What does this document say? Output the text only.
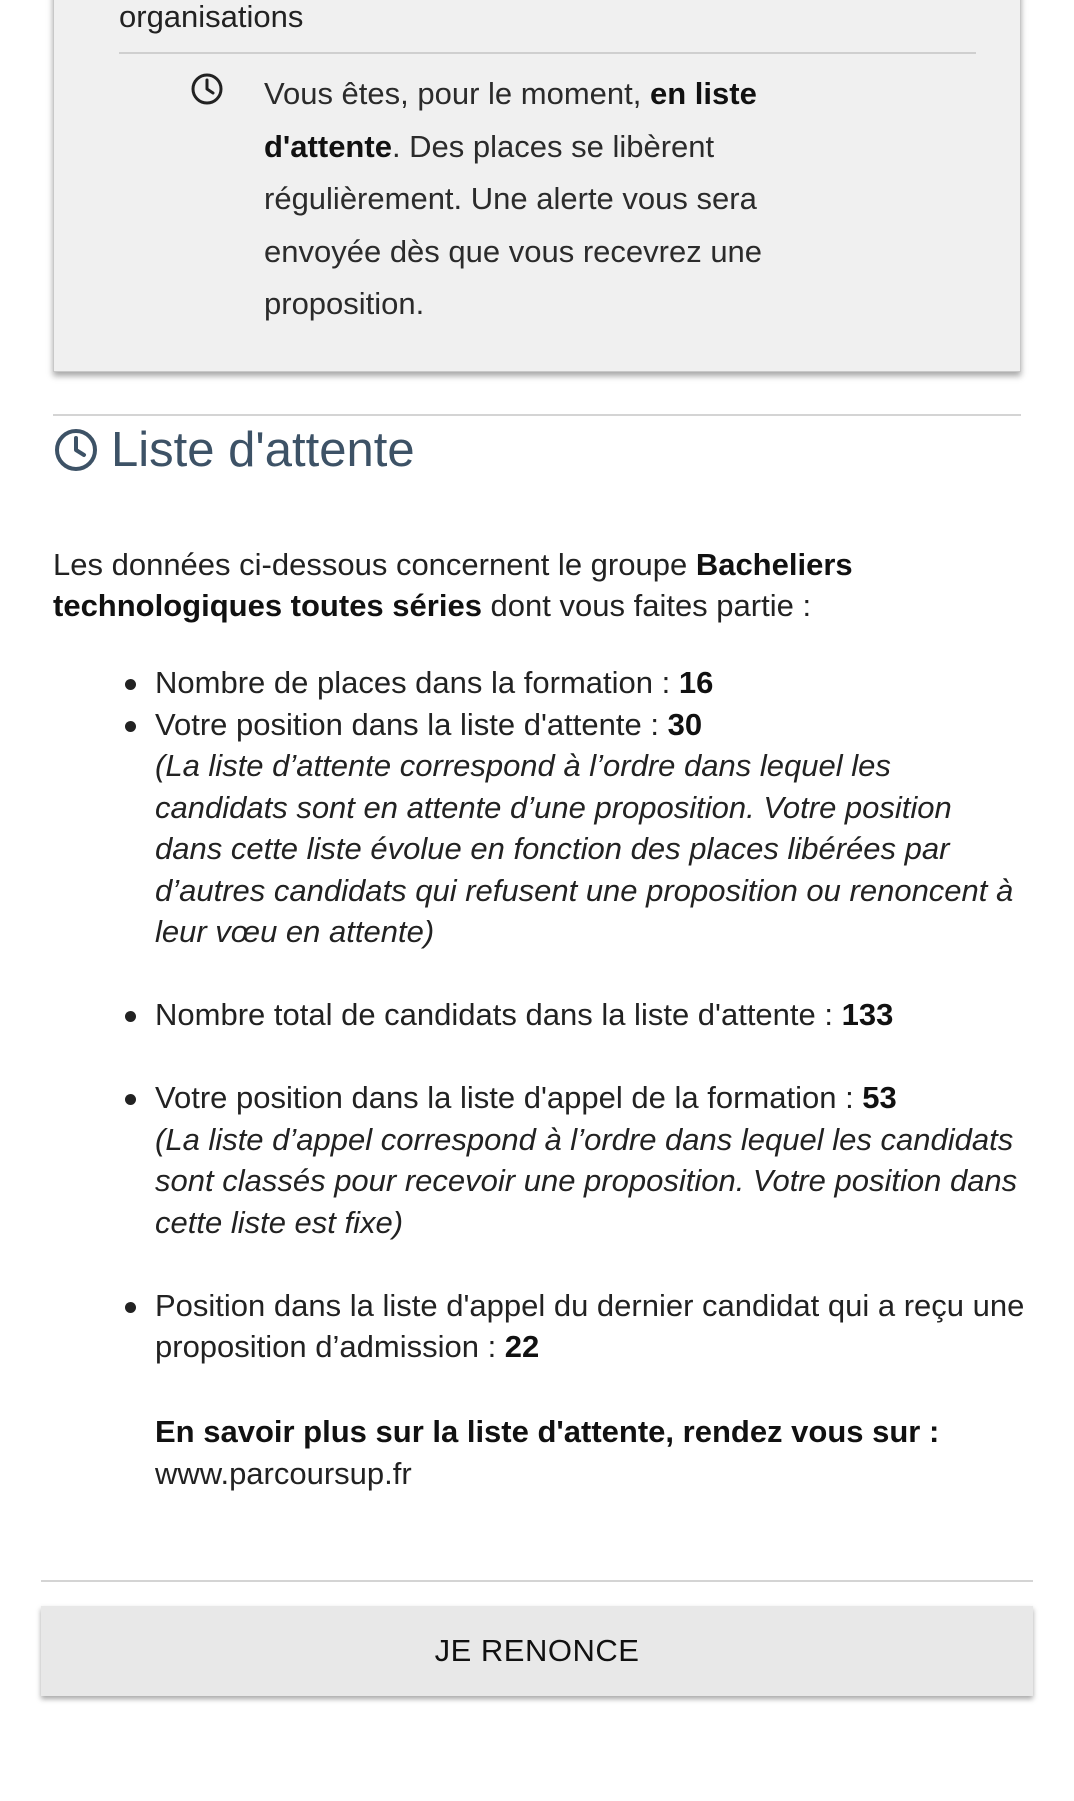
organisations
Vous êtes, pour le moment, en liste d'attente. Des places se libèrent régulièrement. Une alerte vous sera envoyée dès que vous recevrez une proposition.
Liste d'attente
Les données ci-dessous concernent le groupe Bacheliers technologiques toutes séries dont vous faites partie :
Nombre de places dans la formation : 16
Votre position dans la liste d'attente : 30
(La liste d’attente correspond à l’ordre dans lequel les candidats sont en attente d’une proposition. Votre position dans cette liste évolue en fonction des places libérées par d’autres candidats qui refusent une proposition ou renoncent à leur vœu en attente)
Nombre total de candidats dans la liste d'attente : 133
Votre position dans la liste d'appel de la formation : 53
(La liste d’appel correspond à l’ordre dans lequel les candidats sont classés pour recevoir une proposition. Votre position dans cette liste est fixe)
Position dans la liste d'appel du dernier candidat qui a reçu une proposition d’admission : 22
En savoir plus sur la liste d'attente, rendez vous sur :
www.parcoursup.fr
JE RENONCE
